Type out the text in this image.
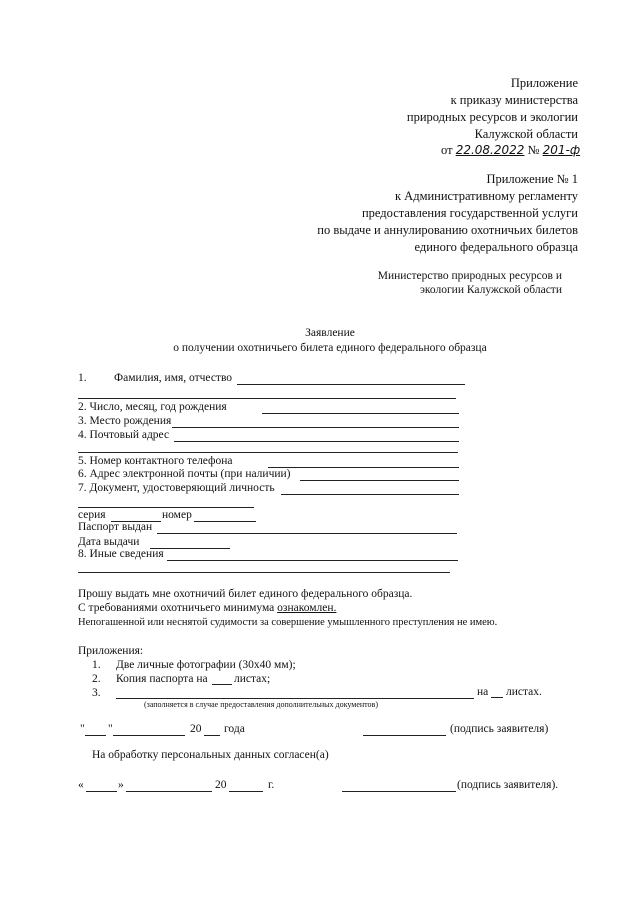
Приложение
к приказу министерства
природных ресурсов и экологии
Калужской области
от 22.08.2022 № 201-ф
Приложение № 1
к Административному регламенту
предоставления государственной услуги
по выдаче и аннулированию охотничьих билетов
единого федерального образца
Министерство природных ресурсов и
экологии Калужской области
Заявление
о получении охотничьего билета единого федерального образца
1. Фамилия, имя, отчество
2. Число, месяц, год рождения
3. Место рождения
4. Почтовый адрес
5. Номер контактного телефона
6. Адрес электронной почты (при наличии)
7. Документ, удостоверяющий личность
серия	номер
Паспорт выдан
Дата выдачи
8. Иные сведения
Прошу выдать мне охотничий билет единого федерального образца.
С требованиями охотничьего минимума ознакомлен.
Непогашенной или неснятой судимости за совершение умышленного преступления не имею.
Приложения:
1. Две личные фотографии (30х40 мм);
2. Копия паспорта на листах;
3.	на листах.
(заполняется в случае предоставления дополнительных документов)
" "	20 года	(подпись заявителя)
На обработку персональных данных согласен(а)
«	»	20	г.	(подпись заявителя).
